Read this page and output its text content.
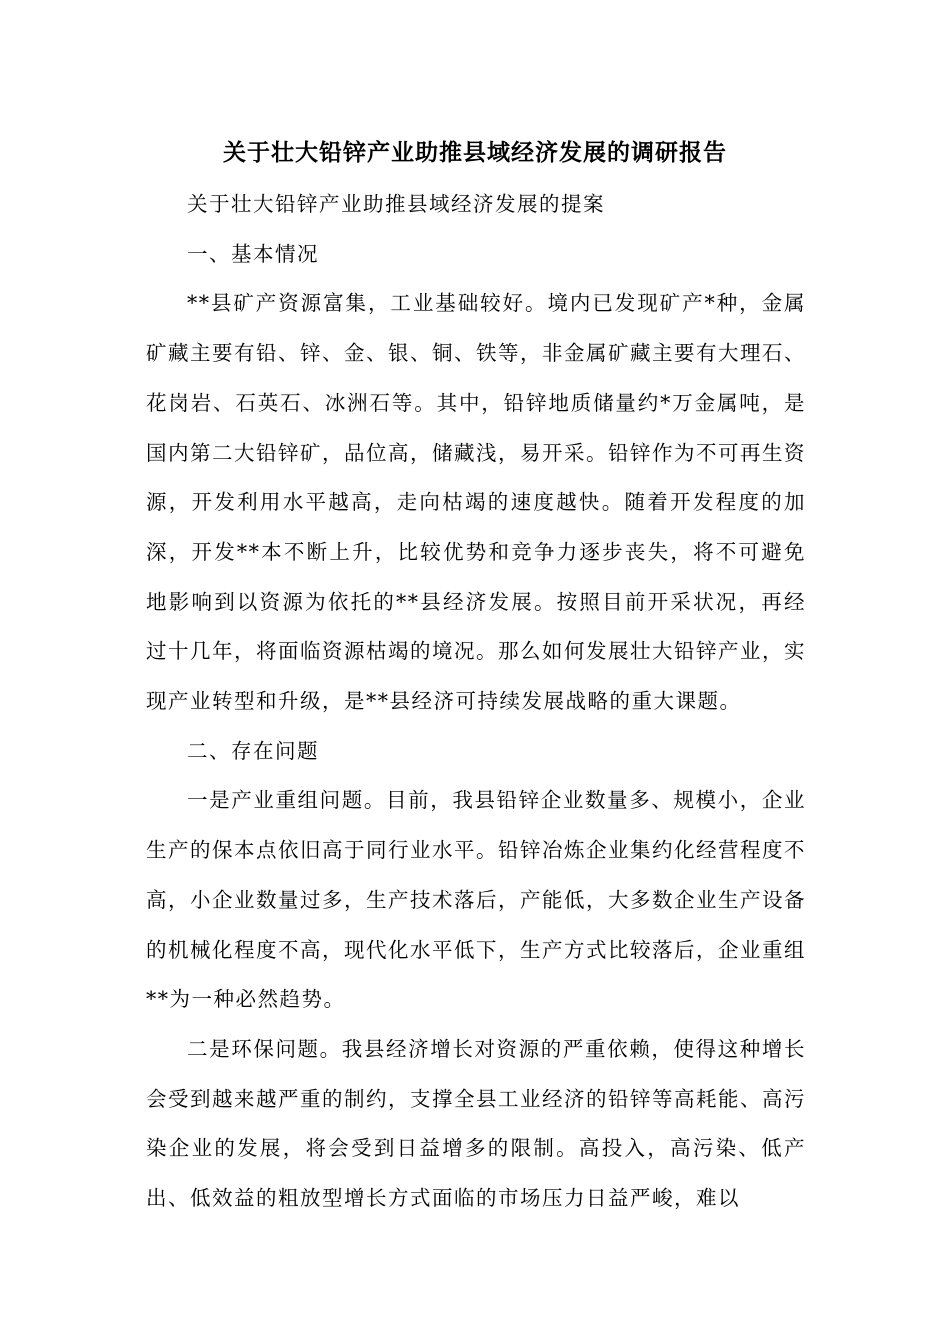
关于壮大铅锌产业助推县域经济发展的调研报告

关于壮大铅锌产业助推县域经济发展的提案

一、基本情况

**县矿产资源富集，工业基础较好。境内已发现矿产*种，金属矿藏主要有铅、锌、金、银、铜、铁等，非金属矿藏主要有大理石、花岗岩、石英石、冰洲石等。其中，铅锌地质储量约*万金属吨，是国内第二大铅锌矿，品位高，储藏浅，易开采。铅锌作为不可再生资源，开发利用水平越高，走向枯竭的速度越快。随着开发程度的加深，开发**本不断上升，比较优势和竞争力逐步丧失，将不可避免地影响到以资源为依托的**县经济发展。按照目前开采状况，再经过十几年，将面临资源枯竭的境况。那么如何发展壮大铅锌产业，实现产业转型和升级，是**县经济可持续发展战略的重大课题。

二、存在问题

一是产业重组问题。目前，我县铅锌企业数量多、规模小，企业生产的保本点依旧高于同行业水平。铅锌冶炼企业集约化经营程度不高，小企业数量过多，生产技术落后，产能低，大多数企业生产设备的机械化程度不高，现代化水平低下，生产方式比较落后，企业重组**为一种必然趋势。

二是环保问题。我县经济增长对资源的严重依赖，使得这种增长会受到越来越严重的制约，支撑全县工业经济的铅锌等高耗能、高污染企业的发展，将会受到日益增多的限制。高投入，高污染、低产出、低效益的粗放型增长方式面临的市场压力日益严峻，难以
